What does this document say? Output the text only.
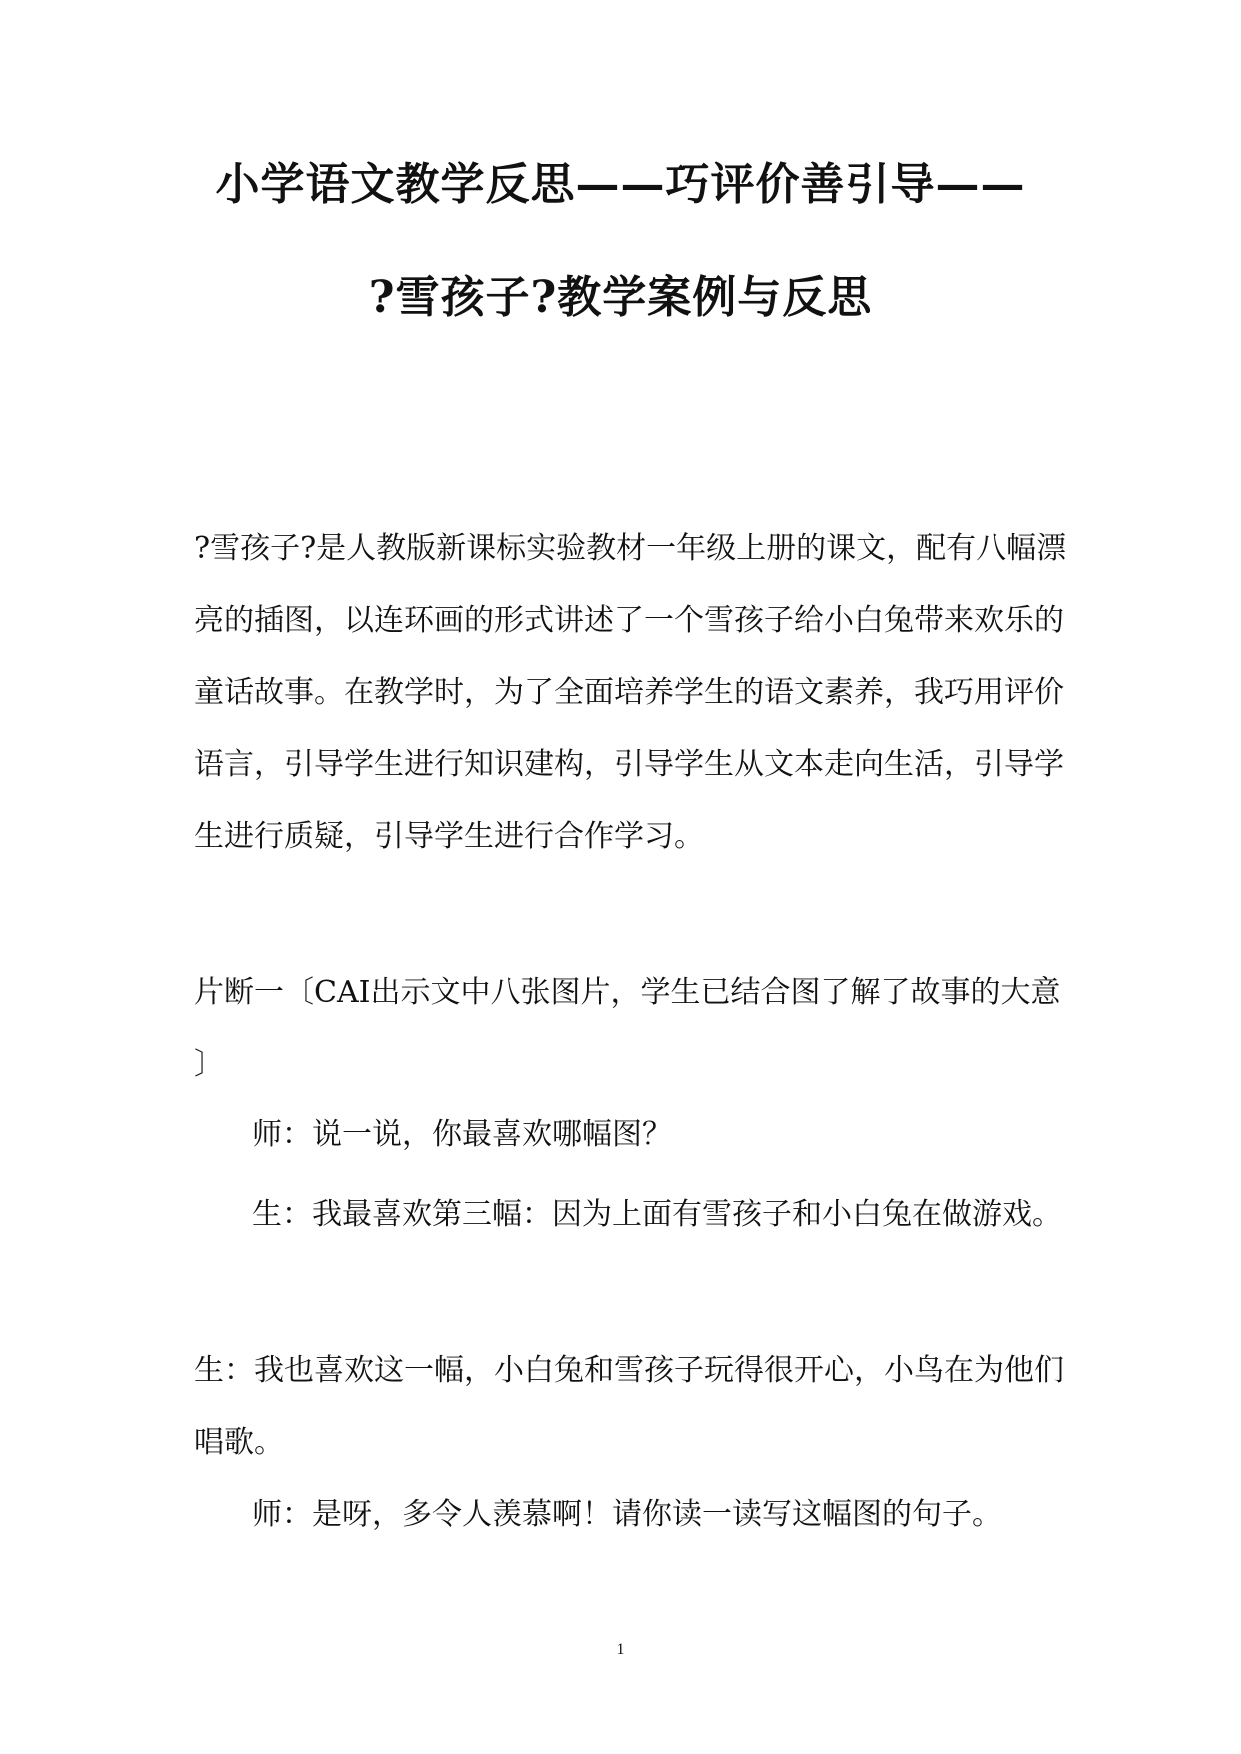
小学语文教学反思——巧评价善引导——
?雪孩子?教学案例与反思
?雪孩子?是人教版新课标实验教材一年级上册的课文，配有八幅漂
亮的插图，以连环画的形式讲述了一个雪孩子给小白兔带来欢乐的
童话故事。在教学时，为了全面培养学生的语文素养，我巧用评价
语言，引导学生进行知识建构，引导学生从文本走向生活，引导学
生进行质疑，引导学生进行合作学习。
片断一〔CAI出示文中八张图片，学生已结合图了解了故事的大意
〕
师：说一说，你最喜欢哪幅图？
生：我最喜欢第三幅：因为上面有雪孩子和小白兔在做游戏。
生：我也喜欢这一幅，小白兔和雪孩子玩得很开心，小鸟在为他们
唱歌。
师：是呀，多令人羡慕啊！请你读一读写这幅图的句子。
1
